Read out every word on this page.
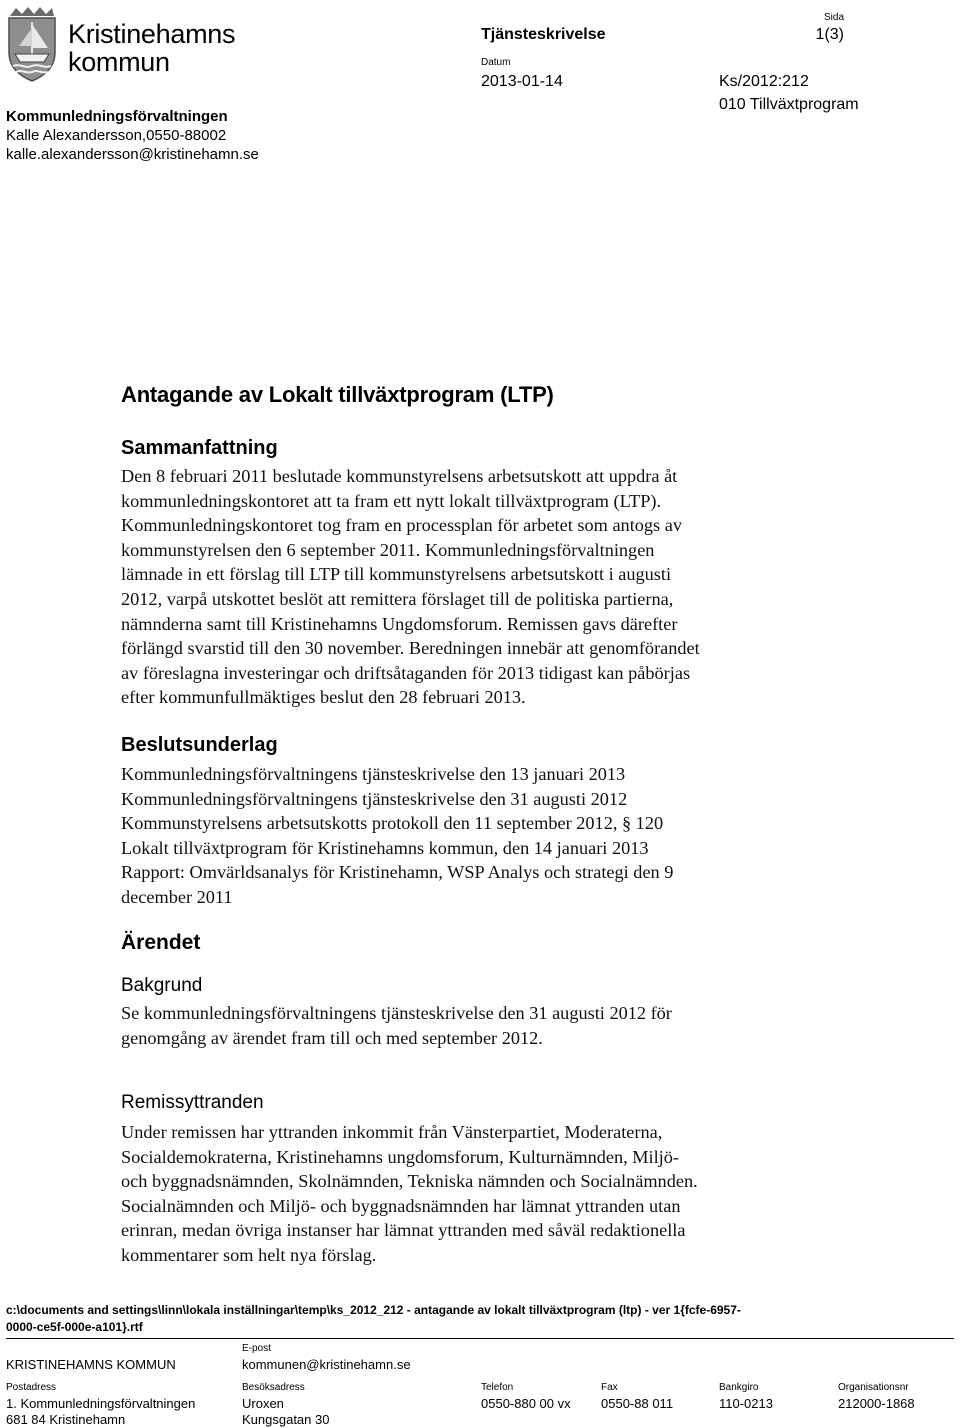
Kristinehamns
kommun
Kommunledningsförvaltningen
Kalle Alexandersson,0550-88002
kalle.alexandersson@kristinehamn.se
Tjänsteskrivelse
Datum
2013-01-14
Sida
1(3)
Ks/2012:212
010 Tillväxtprogram
Antagande av Lokalt tillväxtprogram (LTP)
Sammanfattning
Den 8 februari 2011 beslutade kommunstyrelsens arbetsutskott att uppdra åt
kommunledningskontoret att ta fram ett nytt lokalt tillväxtprogram (LTP).
Kommunledningskontoret tog fram en processplan för arbetet som antogs av
kommunstyrelsen den 6 september 2011. Kommunledningsförvaltningen
lämnade in ett förslag till LTP till kommunstyrelsens arbetsutskott i augusti
2012, varpå utskottet beslöt att remittera förslaget till de politiska partierna,
nämnderna samt till Kristinehamns Ungdomsforum. Remissen gavs därefter
förlängd svarstid till den 30 november. Beredningen innebär att genomförandet
av föreslagna investeringar och driftsåtaganden för 2013 tidigast kan påbörjas
efter kommunfullmäktiges beslut den 28 februari 2013.
Beslutsunderlag
Kommunledningsförvaltningens tjänsteskrivelse den 13 januari 2013
Kommunledningsförvaltningens tjänsteskrivelse den 31 augusti 2012
Kommunstyrelsens arbetsutskotts protokoll den 11 september 2012, § 120
Lokalt tillväxtprogram för Kristinehamns kommun, den 14 januari 2013
Rapport: Omvärldsanalys för Kristinehamn, WSP Analys och strategi den 9
december 2011
Ärendet
Bakgrund
Se kommunledningsförvaltningens tjänsteskrivelse den 31 augusti 2012 för
genomgång av ärendet fram till och med september 2012.
Remissyttranden
Under remissen har yttranden inkommit från Vänsterpartiet, Moderaterna,
Socialdemokraterna, Kristinehamns ungdomsforum, Kulturnämnden, Miljö-
och byggnadsnämnden, Skolnämnden, Tekniska nämnden och Socialnämnden.
Socialnämnden och Miljö- och byggnadsnämnden har lämnat yttranden utan
erinran, medan övriga instanser har lämnat yttranden med såväl redaktionella
kommentarer som helt nya förslag.
c:\documents and settings\linn\lokala inställningar\temp\ks_2012_212 - antagande av lokalt tillväxtprogram (ltp) - ver 1{fcfe-6957-
0000-ce5f-000e-a101}.rtf
KRISTINEHAMNS KOMMUN
E-post
kommunen@kristinehamn.se
Postadress
1. Kommunledningsförvaltningen
681 84 Kristinehamn
Besöksadress
Uroxen
Kungsgatan 30
Telefon
0550-880 00 vx
Fax
0550-88 011
Bankgiro
110-0213
Organisationsnr
212000-1868
